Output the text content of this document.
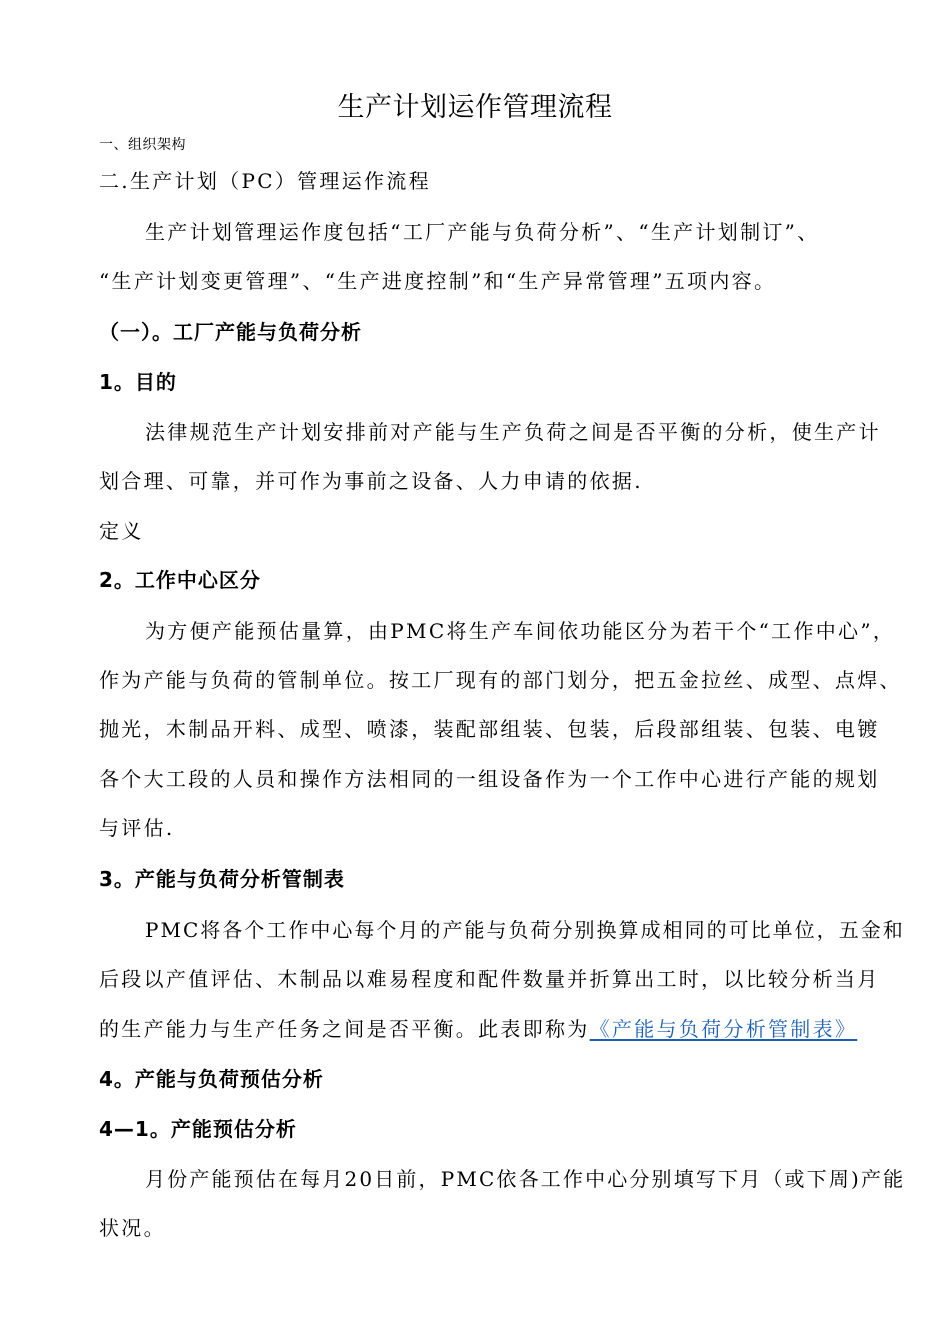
生产计划运作管理流程
一、组织架构
二.生产计划（PC）管理运作流程
生产计划管理运作度包括“工厂产能与负荷分析”、“生产计划制订”、
“生产计划变更管理”、“生产进度控制”和“生产异常管理”五项内容。
（一）。工厂产能与负荷分析
1。目的
法律规范生产计划安排前对产能与生产负荷之间是否平衡的分析，使生产计
划合理、可靠，并可作为事前之设备、人力申请的依据.
定义
2。工作中心区分
为方便产能预估量算，由PMC将生产车间依功能区分为若干个“工作中心”，
作为产能与负荷的管制单位。按工厂现有的部门划分，把五金拉丝、成型、点焊、
抛光，木制品开料、成型、喷漆，装配部组装、包装，后段部组装、包装、电镀
各个大工段的人员和操作方法相同的一组设备作为一个工作中心进行产能的规划
与评估.
3。产能与负荷分析管制表
PMC将各个工作中心每个月的产能与负荷分别换算成相同的可比单位，五金和
后段以产值评估、木制品以难易程度和配件数量并折算出工时，以比较分析当月
的生产能力与生产任务之间是否平衡。此表即称为《产能与负荷分析管制表》
4。产能与负荷预估分析
4—1。产能预估分析
月份产能预估在每月20日前，PMC依各工作中心分别填写下月（或下周)产能
状况。
